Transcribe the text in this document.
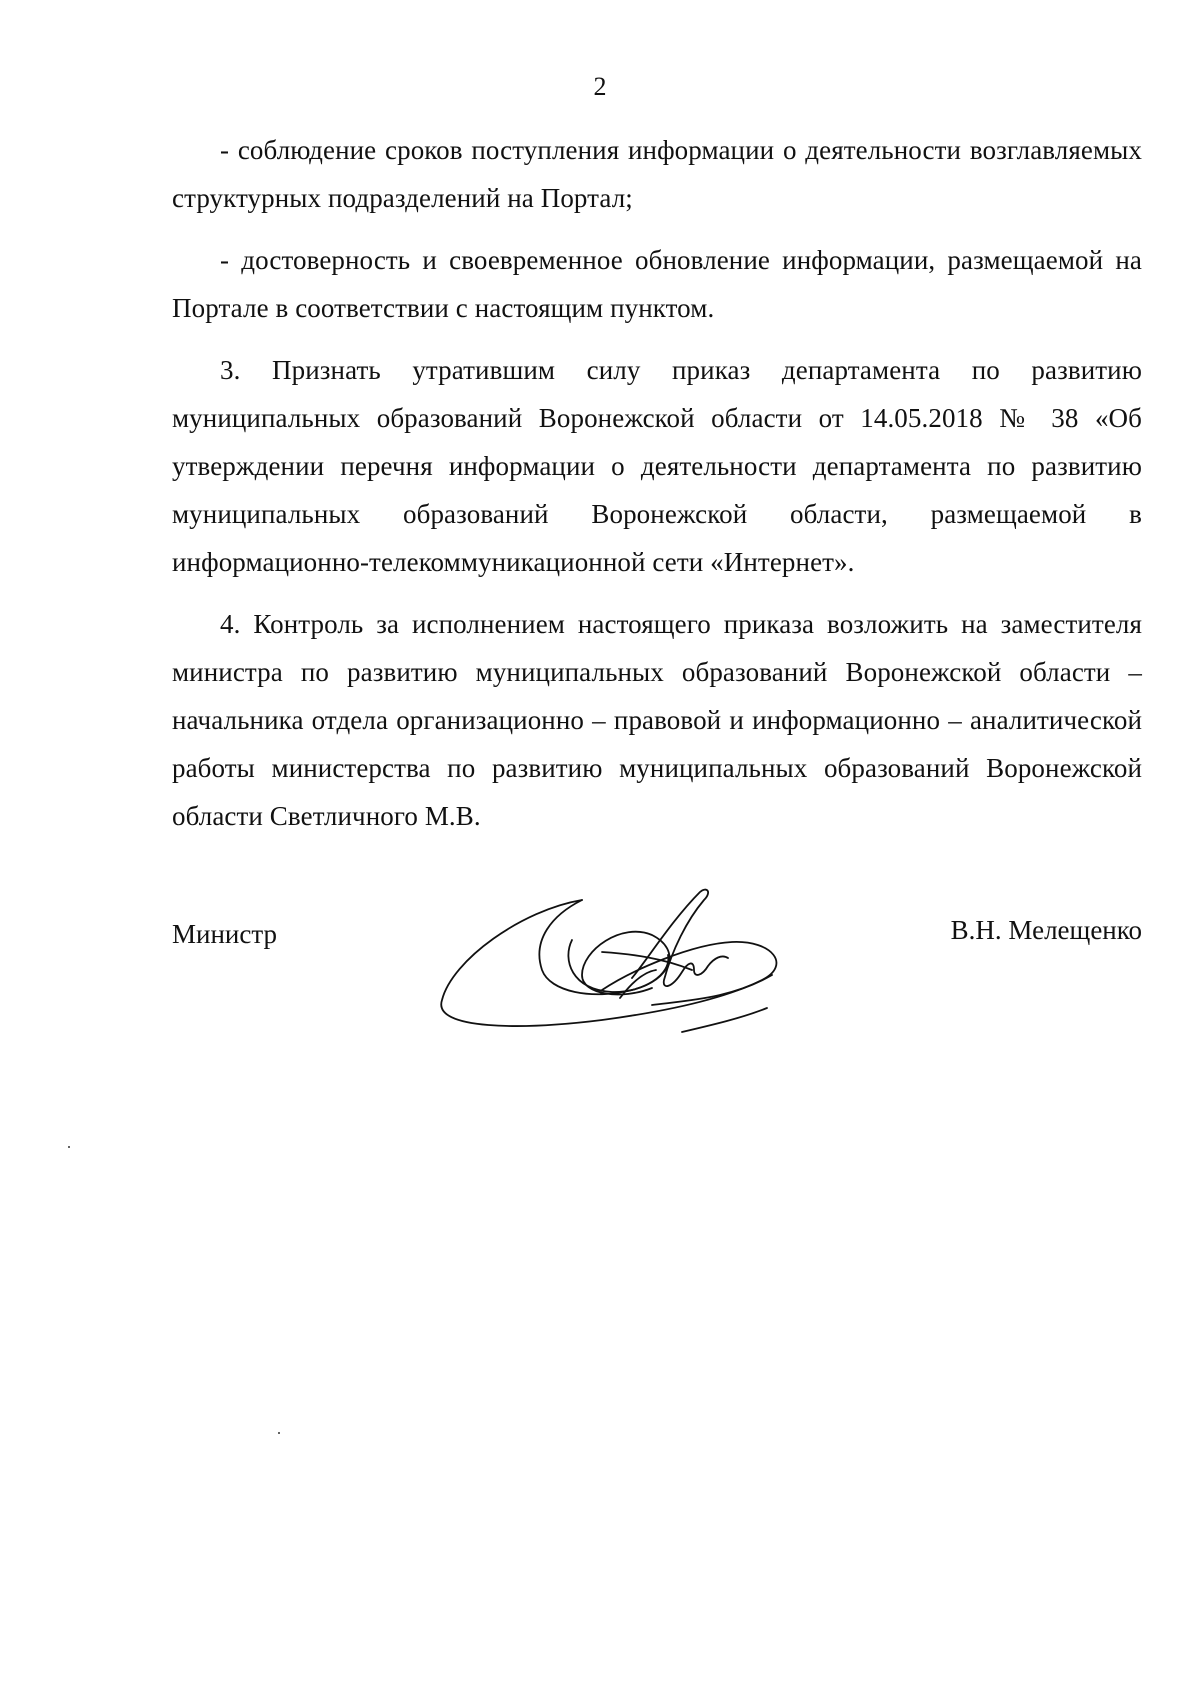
2

- соблюдение сроков поступления информации о деятельности возглавляемых структурных подразделений на Портал;

- достоверность и своевременное обновление информации, размещаемой на Портале в соответствии с настоящим пунктом.

3. Признать утратившим силу приказ департамента по развитию муниципальных образований Воронежской области от 14.05.2018 № 38 «Об утверждении перечня информации о деятельности департамента по развитию муниципальных образований Воронежской области, размещаемой в информационно-телекоммуникационной сети «Интернет».

4. Контроль за исполнением настоящего приказа возложить на заместителя министра по развитию муниципальных образований Воронежской области – начальника отдела организационно – правовой и информационно – аналитической работы министерства по развитию муниципальных образований Воронежской области Светличного М.В.

Министр	В.Н. Мелещенко
